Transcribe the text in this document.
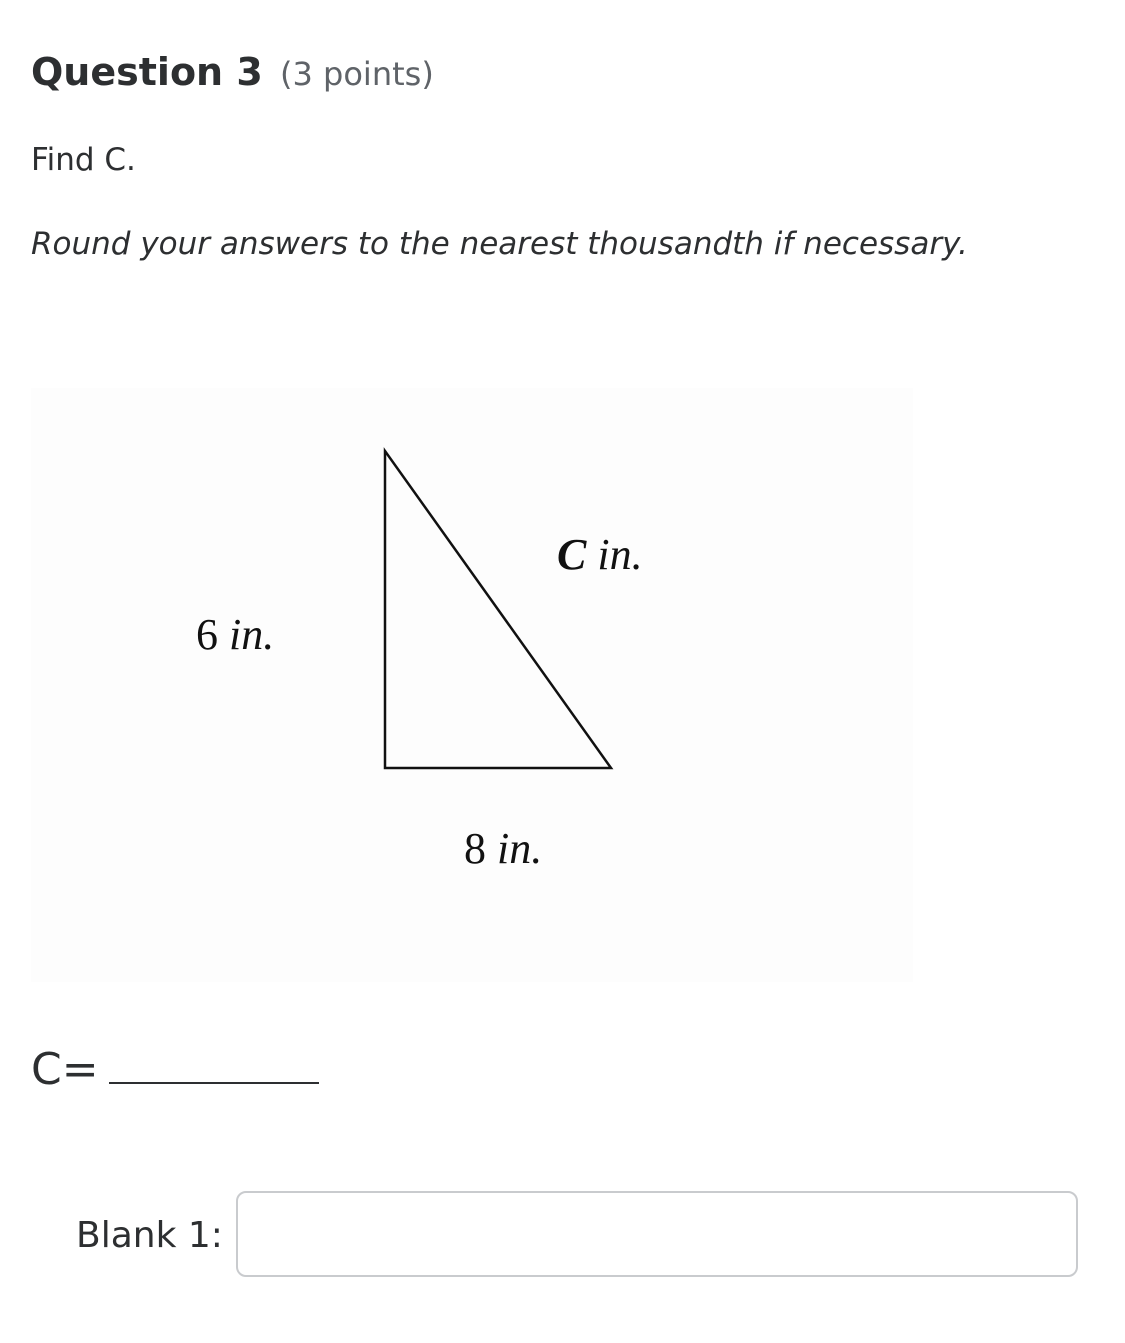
Question 3 (3 points)

Find C.

Round your answers to the nearest thousandth if necessary.

C in.
6 in.
8 in.
C=
Blank 1:
